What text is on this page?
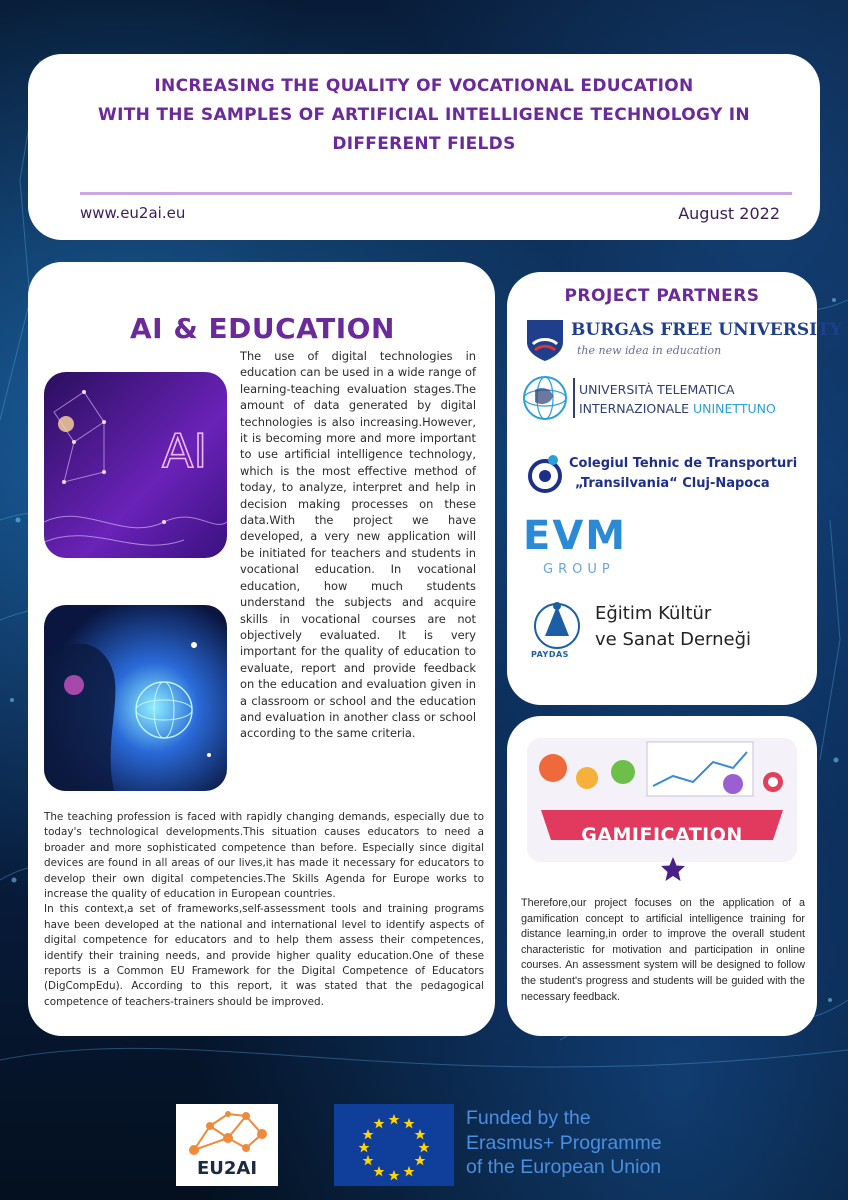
INCREASING THE QUALITY OF VOCATIONAL EDUCATION
WITH THE SAMPLES OF ARTIFICIAL INTELLIGENCE TECHNOLOGY IN
DIFFERENT FIELDS
www.eu2ai.eu	August 2022
AI & EDUCATION
AI
The use of digital technologies in education can be used in a wide range of learning-teaching evaluation stages.The amount of data generated by digital technologies is also increasing.However, it is becoming more and more important to use artificial intelligence technology, which is the most effective method of today, to analyze, interpret and help in decision making processes on these data.With the project we have developed, a very new application will be initiated for teachers and students in vocational education. In vocational education, how much students understand the subjects and acquire skills in vocational courses are not objectively evaluated. It is very important for the quality of education to evaluate, report and provide feedback on the education and evaluation given in a classroom or school and the education and evaluation in another class or school according to the same criteria.

The teaching profession is faced with rapidly changing demands, especially due to today's technological developments.This situation causes educators to need a broader and more sophisticated competence than before. Especially since digital devices are found in all areas of our lives,it has made it necessary for educators to develop their own digital competencies.The Skills Agenda for Europe works to increase the quality of education in European countries.

In this context,a set of frameworks,self-assessment tools and training programs have been developed at the national and international level to identify aspects of digital competence for educators and to help them assess their competences, identify their training needs, and provide higher quality education.One of these reports is a Common EU Framework for the Digital Competence of Educators (DigCompEdu). According to this report, it was stated that the pedagogical competence of teachers-trainers should be improved.

PROJECT PARTNERS
BURGAS FREE UNIVERSITY
the new idea in education
UNIVERSITÀ TELEMATICA
INTERNAZIONALE UNINETTUNO
Colegiul Tehnic de Transporturi
„Transilvania“ Cluj-Napoca
EVM
GROUP
PAYDAS
Eğitim Kültür
ve Sanat Derneği
GAMIFICATION
Therefore,our project focuses on the application of a gamification concept to artificial intelligence training for distance learning,in order to improve the overall student characteristic for motivation and participation in online courses. An assessment system will be designed to follow the student's progress and students will be guided with the necessary feedback.
EU2AI
Funded by the
Erasmus+ Programme
of the European Union
